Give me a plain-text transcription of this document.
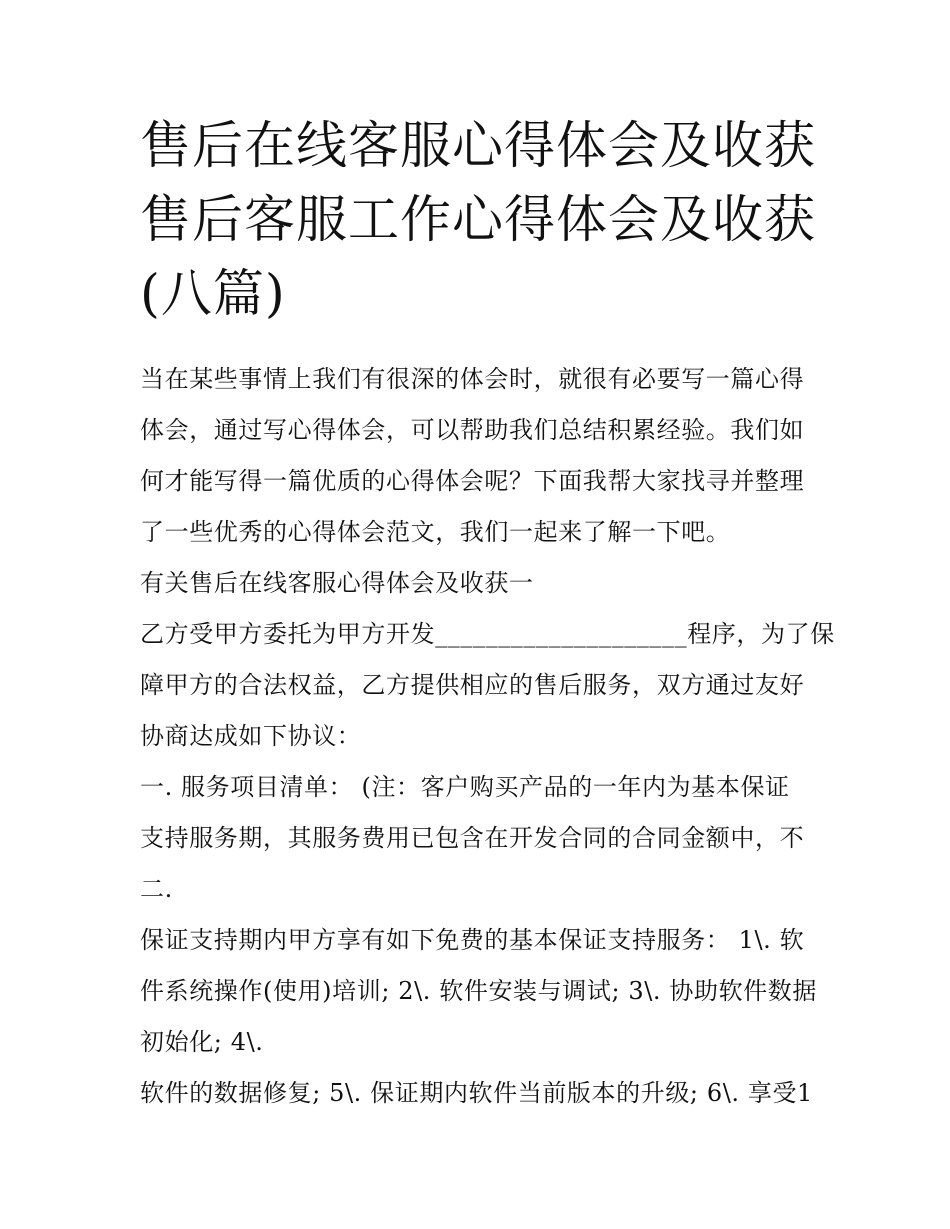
售后在线客服心得体会及收获
售后客服工作心得体会及收获
(八篇)
当在某些事情上我们有很深的体会时，就很有必要写一篇心得
体会，通过写心得体会，可以帮助我们总结积累经验。我们如
何才能写得一篇优质的心得体会呢？下面我帮大家找寻并整理
了一些优秀的心得体会范文，我们一起来了解一下吧。
有关售后在线客服心得体会及收获一
乙方受甲方委托为甲方开发____________________程序，为了保
障甲方的合法权益，乙方提供相应的售后服务，双方通过友好
协商达成如下协议：
一. 服务项目清单： (注：客户购买产品的一年内为基本保证
支持服务期，其服务费用已包含在开发合同的合同金额中，不
二.
保证支持期内甲方享有如下免费的基本保证支持服务： 1\. 软
件系统操作(使用)培训; 2\. 软件安装与调试; 3\. 协助软件数据
初始化; 4\.
软件的数据修复; 5\. 保证期内软件当前版本的升级; 6\. 享受1
